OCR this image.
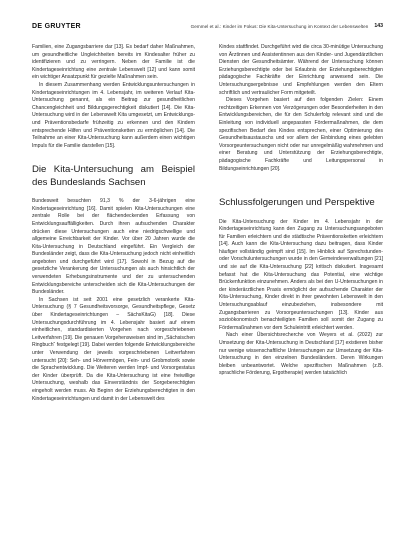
DE GRUYTER	Gemmel et al.: Kinder im Fokus: Die Kita-Untersuchung im Kontext der Lebenswelten 143

Familien, eine Zugangsbarriere dar [13]. Es bedarf daher Maßnahmen, um gesundheitliche Ungleichheiten bereits im Kindesalter früher zu identifizieren und zu verringern. Neben der Familie ist die Kindertageseinrichtung eine zentrale Lebenswelt [12] und kann somit ein wichtiger Ansatzpunkt für gezielte Maßnahmen sein.

In diesem Zusammenhang werden Entwicklungsuntersuchungen in Kindertageseinrichtungen im 4. Lebensjahr, im weiteren Verlauf Kita-Untersuchung genannt, als ein Beitrag zur gesundheitlichen Chancengleichheit und Bildungsgerechtigkeit diskutiert [14]. Die Kita-Untersuchung wird in der Lebenswelt Kita umgesetzt, um Entwicklungs- und Präventionsbedarfe frühzeitig zu erkennen und den Kindern entsprechende Hilfen und Präventionsketten zu ermöglichen [14]. Die Teilnahme an einer Kita-Untersuchung kann außerdem einen wichtigen Impuls für die Familie darstellen [15].

Die Kita-Untersuchung am Beispiel des Bundeslands Sachsen

Bundesweit besuchten 91,3 % der 3-6-jährigen eine Kindertageseinrichtung [16]. Damit spielen Kita-Untersuchungen eine zentrale Rolle bei der flächendeckenden Erfassung von Entwicklungsauffälligkeiten. Durch ihren aufsuchenden Charakter drücken diese Untersuchungen auch eine niedrigschwellige und allgemeine Erreichbarkeit der Kinder. Vor über 20 Jahren wurde die Kita-Untersuchung in Deutschland eingeführt. Ein Vergleich der Bundesländer zeigt, dass die Kita-Untersuchung jedoch nicht einheitlich angeboten und durchgeführt wird [17]. Sowohl in Bezug auf die gesetzliche Verankerung der Untersuchungen als auch hinsichtlich der verwendeten Erhebungsinstrumente und der zu untersuchenden Entwicklungsbereiche unterscheiden sich die Kita-Untersuchungen der Bundesländer.

In Sachsen ist seit 2001 eine gesetzlich verankerte Kita-Untersuchung (§ 7 Gesundheitsvorsorge, Gesundheitspflege, Gesetz über Kindertageseinrichtungen – SächsKitaG) [18]. Diese Untersuchungsdurchführung im 4. Lebensjahr basiert auf einem einheitlichen, standardisierten Vorgehen nach vorgeschriebenen Leitverfahren [19]. Die genauen Vorgehensweisen sind im „Sächsischen Ringbuch“ festgelegt [19]. Dabei werden folgende Entwicklungsbereiche unter Verwendung der jeweils vorgeschriebenen Leitverfahren untersucht [20]: Seh- und Hörvermögen, Fein- und Grobmotorik sowie die Sprachentwicklung. Die Weiteren werden Impf- und Vorsorgestatus der Kinder überprüft. Da die Kita-Untersuchung ist eine freiwillige Untersuchung, weshalb das Einverständnis der Sorgeberechtigten eingeholt werden muss. Ab Beginn der Erziehungsberechtigten in den Kindertageseinrichtungen und damit in der Lebenswelt des

Kindes stattfindet. Durchgeführt wird die circa 30-minütige Untersuchung von Ärztinnen und Assistentinnen aus den Kinder- und Jugendärztlichen Diensten der Gesundheitsämter. Während der Untersuchung können Erziehungsberechtigte oder bei Erlaubnis der Erziehungsberechtigten pädagogische Fachkräfte der Einrichtung anwesend sein. Die Untersuchungsergebnisse und Empfehlungen werden den Eltern schriftlich und vertraulicher Form mitgeteilt.

Dieses Vorgehen basiert auf den folgenden Zielen: Einem rechtzeitigen Erkennen von Verzögerungen oder Besonderheiten in den Entwicklungsbereichen, die für den Schulerfolg relevant sind und die Einleitung von individuell angepassten Fördermaßnahmen, die dem spezifischen Bedarf des Kindes entsprechen, einer Optimierung des Gesundheitsaustauschs und vor allem der Einbindung eines gelebten Vorsorgeuntersuchungen nicht oder nur unregelmäßig wahrnehmen und einer Beratung und Unterstützung der Erziehungsberechtigte, pädagogische Fachkräfte und Leitungspersonal in Bildungseinrichtungen [20].

Schlussfolgerungen und Perspektive

Die Kita-Untersuchung der Kinder im 4. Lebensjahr in der Kindertageseinrichtung kann den Zugang zu Untersuchungsangeboten für Familien erleichtern und die städtische Präventionsketten erleichtern [14]. Auch kann die Kita-Untersuchung dazu beitragen, dass Kinder häufiger vollständig geimpft sind [15]. Im Hinblick auf Sprechstunden- oder Vorschuluntersuchungen wurde in den Gemeindeverwaltungen [21] und sie auf die Kita-Untersuchung [22] kritisch diskutiert. Insgesamt befasst hat die Kita-Untersuchung das Potential, eine wichtige Brückenfunktion einzunehmen. Anders als bei den U-Untersuchungen in der kinderärztlichen Praxis ermöglicht der aufsuchende Charakter der Kita-Untersuchung, Kinder direkt in ihrer gewohnten Lebenswelt in den Untersuchungsablauf einzubeziehen, insbesondere mit Zugangsbarrieren zu Vorsorgeuntersuchungen [13]. Kinder aus sozioökonomisch benachteiligten Familien soll somit der Zugang zu Fördermaßnahmen vor dem Schuleintritt erleichtert werden.

Nach einer Übersichtsrecherche von Weyers et al. (2022) zur Umsetzung der Kita-Untersuchung in Deutschland [17] existieren bisher nur wenige wissenschaftliche Untersuchungen zur Umsetzung der Kita-Untersuchung in den einzelnen Bundesländern. Deren Wirkungen bleiben unbeantwortet. Welche spezifischen Maßnahmen (z.B. sprachliche Förderung, Ergotherapie) werden tatsächlich
